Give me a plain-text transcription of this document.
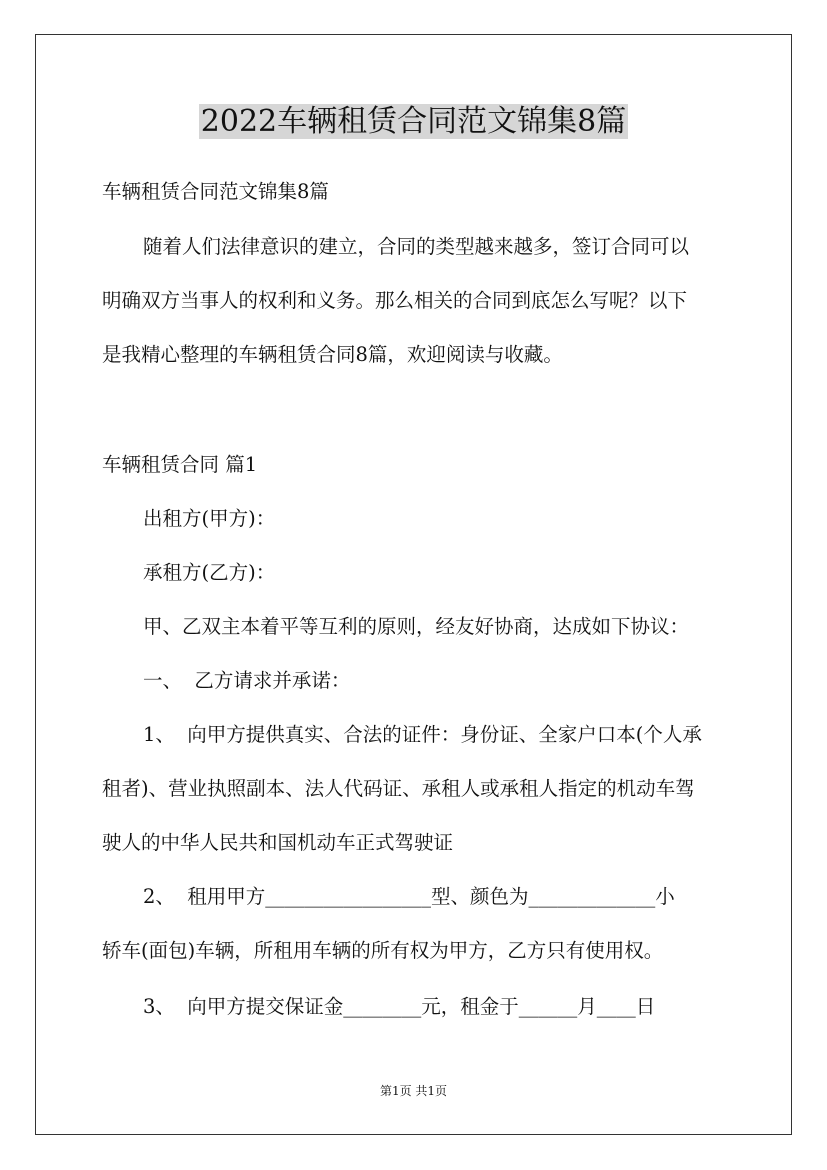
2022车辆租赁合同范文锦集8篇
车辆租赁合同范文锦集8篇
随着人们法律意识的建立，合同的类型越来越多，签订合同可以
明确双方当事人的权利和义务。那么相关的合同到底怎么写呢？以下
是我精心整理的车辆租赁合同8篇，欢迎阅读与收藏。
车辆租赁合同 篇1
出租方(甲方)：
承租方(乙方)：
甲、乙双主本着平等互利的原则，经友好协商，达成如下协议：
一、  乙方请求并承诺：
1、  向甲方提供真实、合法的证件：身份证、全家户口本(个人承
租者)、营业执照副本、法人代码证、承租人或承租人指定的机动车驾
驶人的中华人民共和国机动车正式驾驶证
2、  租用甲方_________________型、颜色为_____________小
轿车(面包)车辆，所租用车辆的所有权为甲方，乙方只有使用权。
3、  向甲方提交保证金________元，租金于______月____日
第1页 共1页
